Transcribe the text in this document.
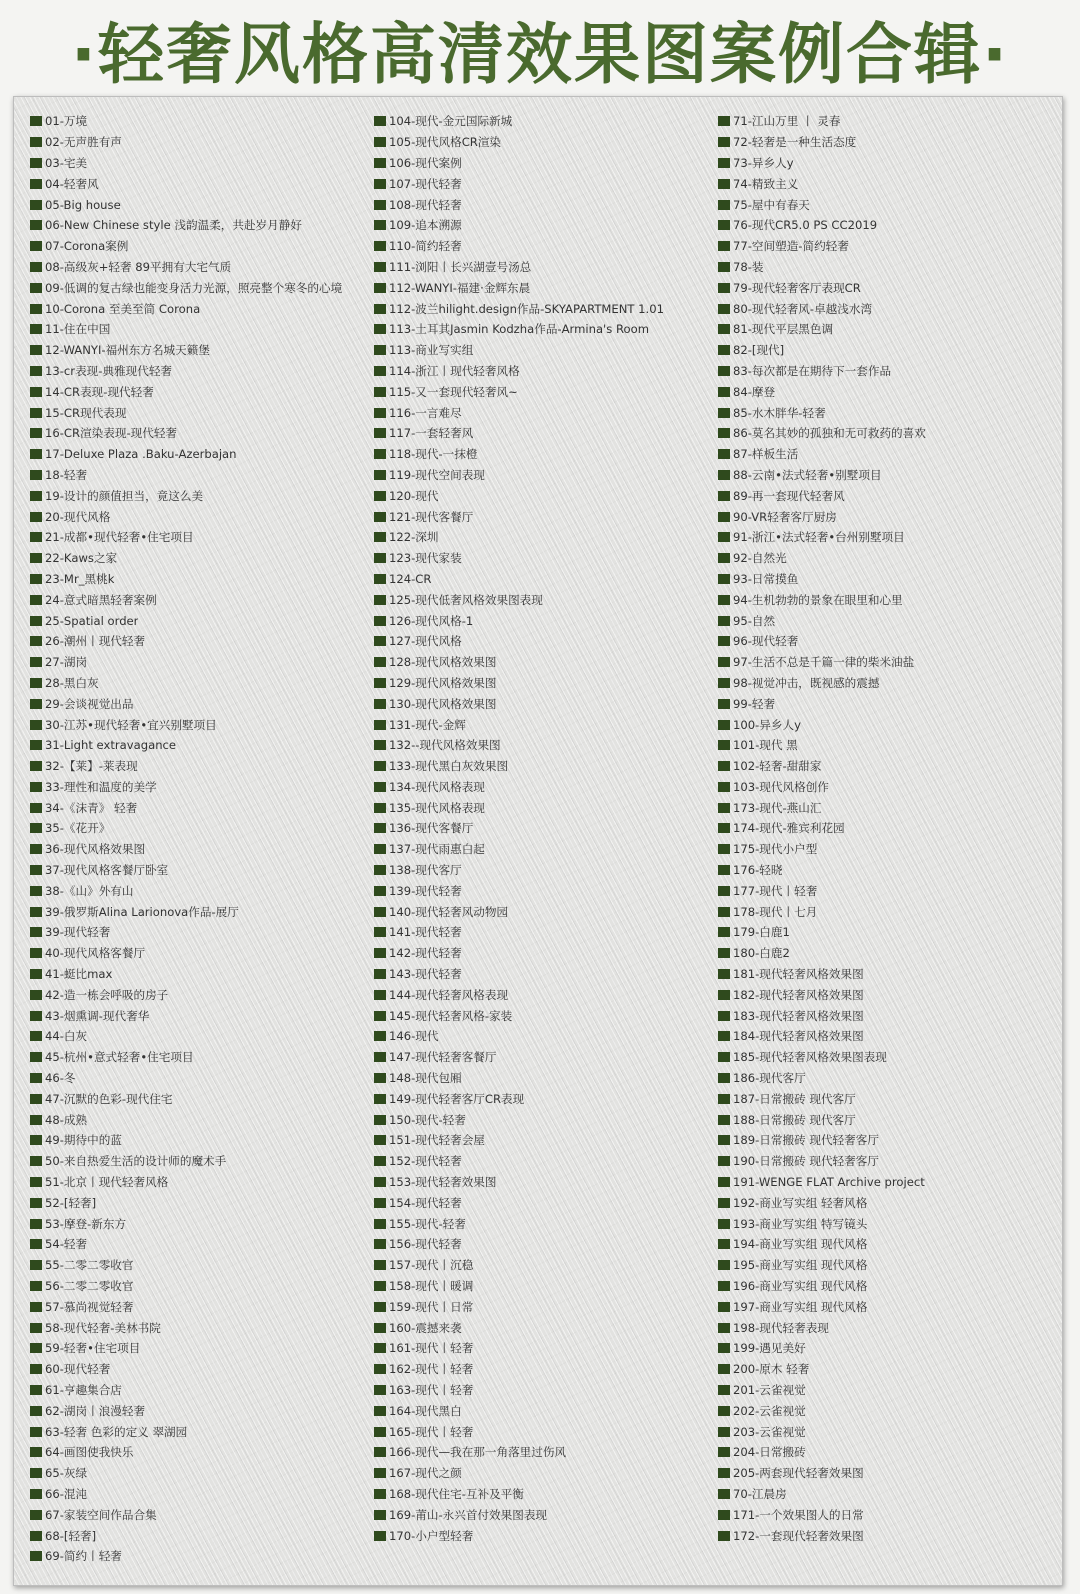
·轻奢风格高清效果图案例合辑·
01-万境
02-无声胜有声
03-宅美
04-轻奢风
05-Big house
06-New Chinese style 浅韵温柔，共赴岁月静好
07-Corona案例
08-高级灰+轻奢 89平拥有大宅气质
09-低调的复古绿也能变身活力光源，照亮整个寒冬的心境
10-Corona 至美至简 Corona
11-住在中国
12-WANYI-福州东方名城天籁堡
13-cr表现-典雅现代轻奢
14-CR表现-现代轻奢
15-CR现代表现
16-CR渲染表现-现代轻奢
17-Deluxe Plaza .Baku-Azerbajan
18-轻奢
19-设计的颜值担当，竟这么美
20-现代风格
21-成都•现代轻奢•住宅项目
22-Kaws之家
23-Mr_黑桃k
24-意式暗黑轻奢案例
25-Spatial order
26-潮州丨现代轻奢
27-湖岗
28-黑白灰
29-会谈视觉出品
30-江苏•现代轻奢•宜兴别墅项目
31-Light extravagance
32-【莱】-莱表现
33-理性和温度的美学
34-《沫青》 轻奢
35-《花开》
36-现代风格效果图
37-现代风格客餐厅卧室
38-《山》外有山
39-俄罗斯Alina Larionova作品-展厅
39-现代轻奢
40-现代风格客餐厅
41-蜓比max
42-造一栋会呼吸的房子
43-烟熏调-现代奢华
44-白灰
45-杭州•意式轻奢•住宅项目
46-冬
47-沉默的色彩-现代住宅
48-成熟
49-期待中的蓝
50-来自热爱生活的设计师的魔术手
51-北京丨现代轻奢风格
52-[轻奢]
53-摩登-新东方
54-轻奢
55-二零二零收官
56-二零二零收官
57-慕尚视觉轻奢
58-现代轻奢-美林书院
59-轻奢•住宅项目
60-现代轻奢
61-亨趣集合店
62-湖岗丨浪漫轻奢
63-轻奢 色彩的定义 翠湖园
64-画图使我快乐
65-灰绿
66-混沌
67-家装空间作品合集
68-[轻奢]
69-简约丨轻奢
104-现代-金元国际新城
105-现代风格CR渲染
106-现代案例
107-现代轻奢
108-现代轻奢
109-追本溯源
110-简约轻奢
111-浏阳丨长兴湖壹号汤总
112-WANYI-福建·金辉东晨
112-波兰hilight.design作品-SKYAPARTMENT 1.01
113-土耳其Jasmin Kodzha作品-Armina's Room
113-商业写实组
114-浙江丨现代轻奢风格
115-又一套现代轻奢风~
116-一言难尽
117-一套轻奢风
118-现代-一抹橙
119-现代空间表现
120-现代
121-现代客餐厅
122-深圳
123-现代家装
124-CR
125-现代低奢风格效果图表现
126-现代风格-1
127-现代风格
128-现代风格效果图
129-现代风格效果图
130-现代风格效果图
131-现代-金辉
132--现代风格效果图
133-现代黑白灰效果图
134-现代风格表现
135-现代风格表现
136-现代客餐厅
137-现代雨惠白起
138-现代客厅
139-现代轻奢
140-现代轻奢风动物园
141-现代轻奢
142-现代轻奢
143-现代轻奢
144-现代轻奢风格表现
145-现代轻奢风格-家装
146-现代
147-现代轻奢客餐厅
148-现代包厢
149-现代轻奢客厅CR表现
150-现代-轻奢
151-现代轻奢会屋
152-现代轻奢
153-现代轻奢效果图
154-现代轻奢
155-现代-轻奢
156-现代轻奢
157-现代丨沉稳
158-现代丨暖调
159-现代丨日常
160-震撼来袭
161-现代丨轻奢
162-现代丨轻奢
163-现代丨轻奢
164-现代黑白
165-现代丨轻奢
166-现代—我在那一角落里过伤风
167-现代之颜
168-现代住宅-互补及平衡
169-莆山-永兴首付效果图表现
170-小户型轻奢
71-江山万里 丨 灵春
72-轻奢是一种生活态度
73-异乡人y
74-精致主义
75-屋中有春天
76-现代CR5.0 PS CC2019
77-空间塑造-简约轻奢
78-装
79-现代轻奢客厅表现CR
80-现代轻奢风-卓越浅水湾
81-现代平层黑色调
82-[现代]
83-每次都是在期待下一套作品
84-摩登
85-水木胖华-轻奢
86-莫名其妙的孤独和无可救药的喜欢
87-样板生活
88-云南•法式轻奢•别墅项目
89-再一套现代轻奢风
90-VR轻奢客厅厨房
91-浙江•法式轻奢•台州别墅项目
92-自然光
93-日常摸鱼
94-生机勃勃的景象在眼里和心里
95-自然
96-现代轻奢
97-生活不总是千篇一律的柴米油盐
98-视觉冲击，既视感的震撼
99-轻奢
100-异乡人y
101-现代 黑
102-轻奢-甜甜家
103-现代风格创作
173-现代-燕山汇
174-现代-雅宾利花园
175-现代小户型
176-轻晓
177-现代丨轻奢
178-现代丨七月
179-白鹿1
180-白鹿2
181-现代轻奢风格效果图
182-现代轻奢风格效果图
183-现代轻奢风格效果图
184-现代轻奢风格效果图
185-现代轻奢风格效果图表现
186-现代客厅
187-日常搬砖 现代客厅
188-日常搬砖 现代客厅
189-日常搬砖 现代轻奢客厅
190-日常搬砖 现代轻奢客厅
191-WENGE FLAT Archive project
192-商业写实组 轻奢风格
193-商业写实组 特写镜头
194-商业写实组 现代风格
195-商业写实组 现代风格
196-商业写实组 现代风格
197-商业写实组 现代风格
198-现代轻奢表现
199-遇见美好
200-原木 轻奢
201-云雀视觉
202-云雀视觉
203-云雀视觉
204-日常搬砖
205-两套现代轻奢效果图
70-江晨房
171-一个效果图人的日常
172-一套现代轻奢效果图
